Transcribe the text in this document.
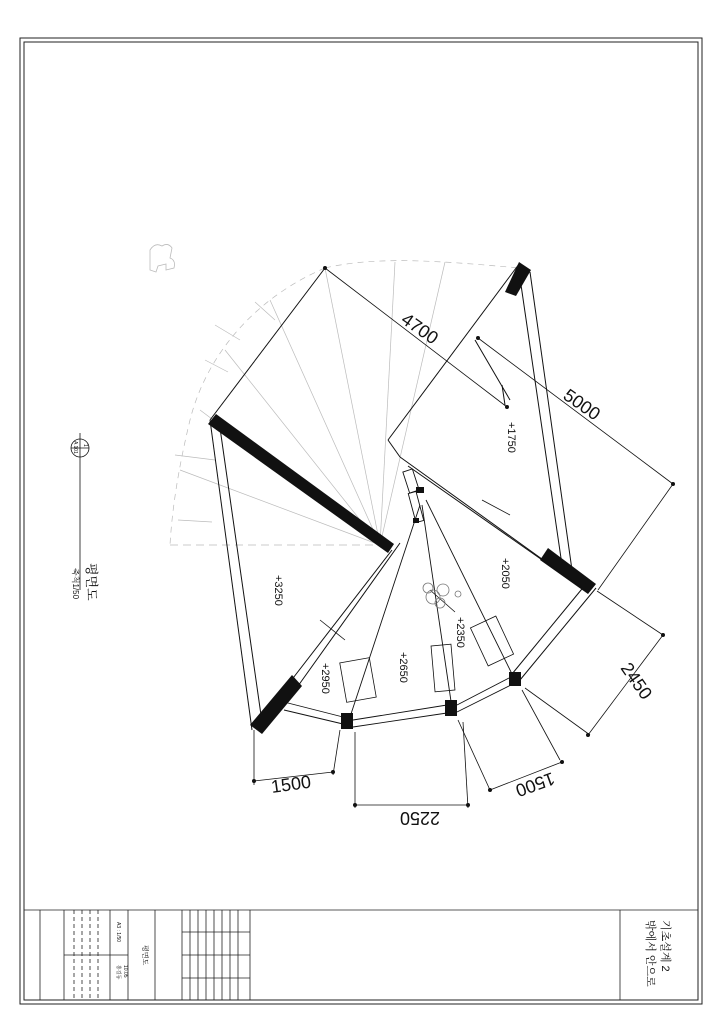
4700
5000
2450
1500
2250
1500
+1750
+2050
+2350
+2650
+2950
+3250
1
A 101
평면도
축척1/50
A3 : 1/50
홍길동 10.05
평면도	기초설계 2
밖에서 안으로
